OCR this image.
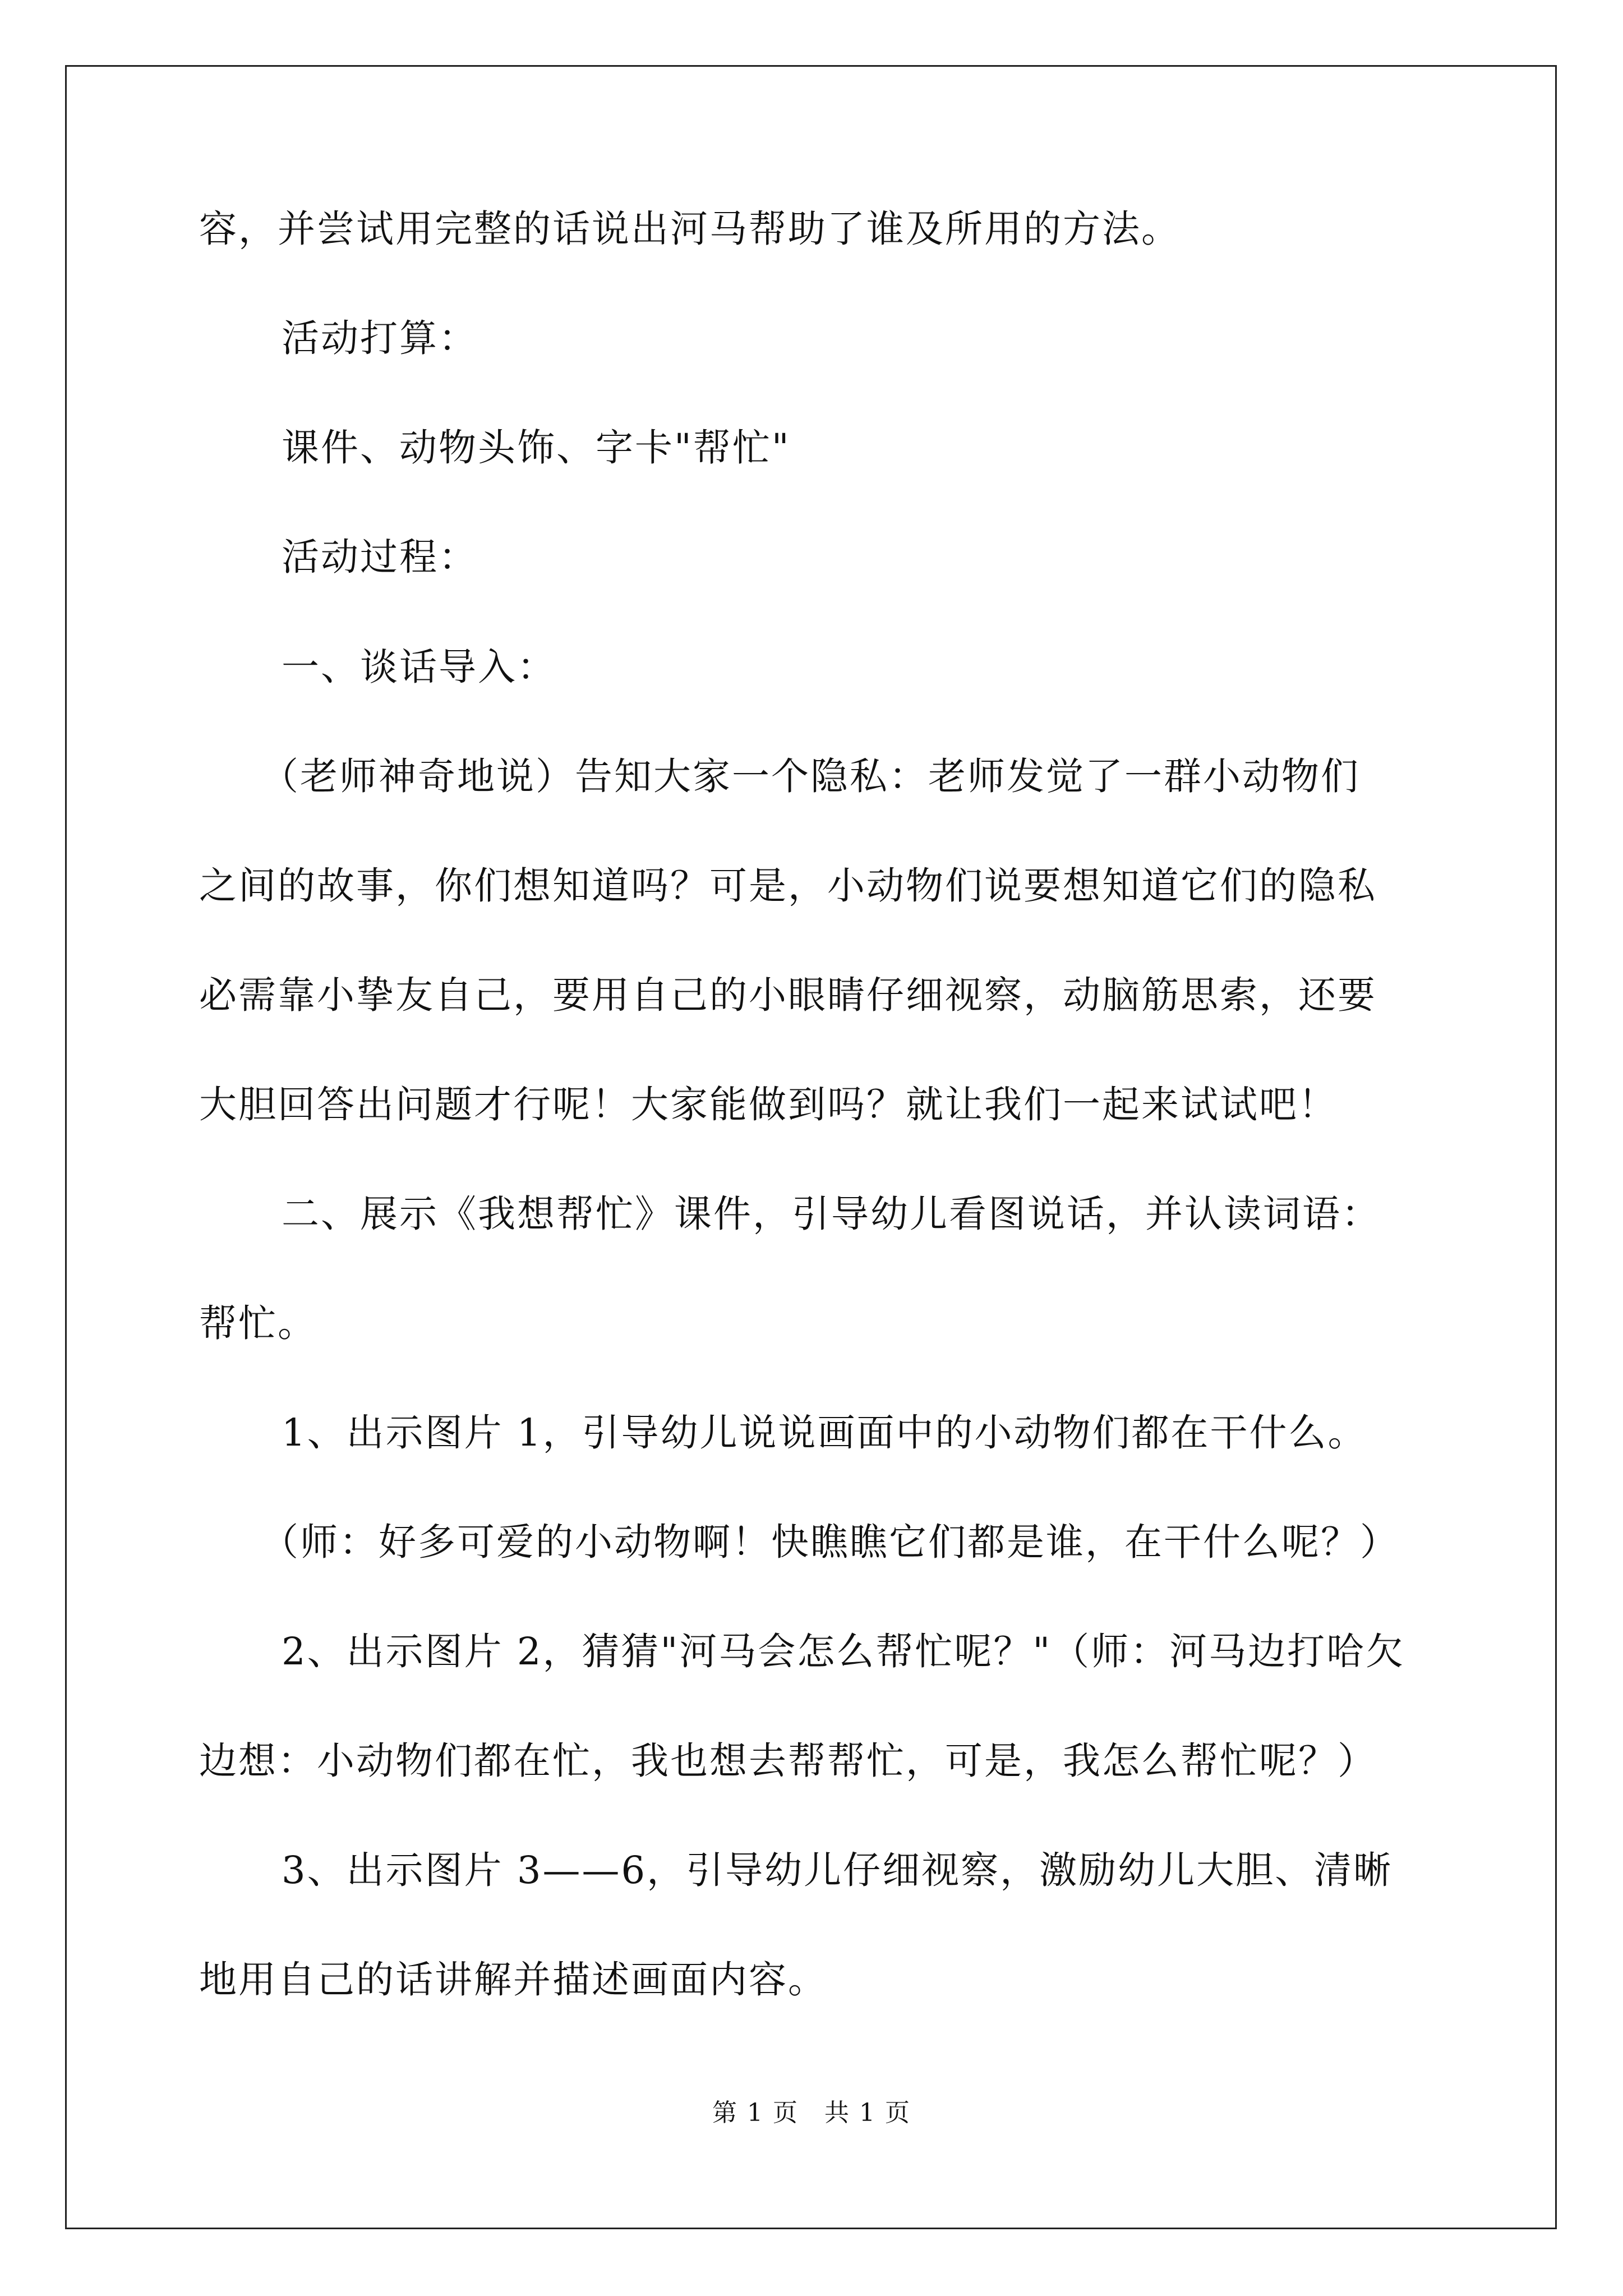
容，并尝试用完整的话说出河马帮助了谁及所用的方法。
活动打算：
课件、动物头饰、字卡"帮忙"
活动过程：
一、谈话导入：
（老师神奇地说）告知大家一个隐私：老师发觉了一群小动物们
之间的故事，你们想知道吗？可是，小动物们说要想知道它们的隐私
必需靠小挚友自己，要用自己的小眼睛仔细视察，动脑筋思索，还要
大胆回答出问题才行呢！大家能做到吗？就让我们一起来试试吧！
二、展示《我想帮忙》课件，引导幼儿看图说话，并认读词语：
帮忙。
1、出示图片 1，引导幼儿说说画面中的小动物们都在干什么。
（师：好多可爱的小动物啊！快瞧瞧它们都是谁，在干什么呢？）
2、出示图片 2，猜猜"河马会怎么帮忙呢？"（师：河马边打哈欠
边想：小动物们都在忙，我也想去帮帮忙，可是，我怎么帮忙呢？）
3、出示图片 3——6，引导幼儿仔细视察，激励幼儿大胆、清晰
地用自己的话讲解并描述画面内容。
第 1 页　共 1 页
